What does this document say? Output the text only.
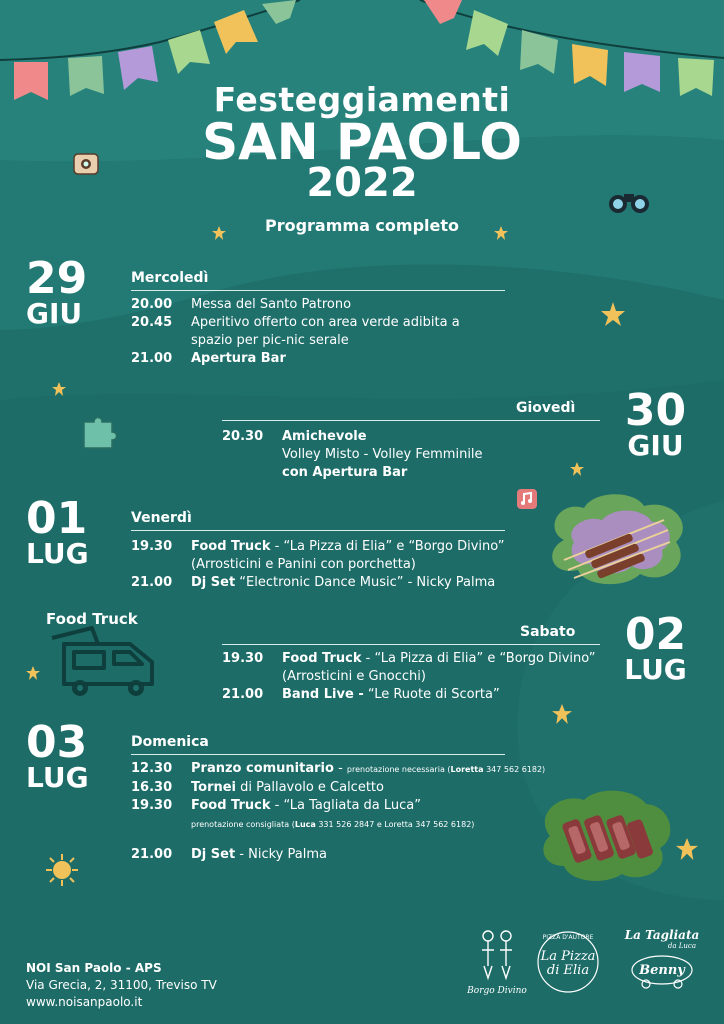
Festeggiamenti
SAN PAOLO
2022
Programma completo
Food Truck
29
GIU
Mercoledì
20.00 Messa del Santo Patrono
20.45 Aperitivo offerto con area verde adibita a
spazio per pic-nic serale
21.00 Apertura Bar
30
GIU
Giovedì
20.30 Amichevole
Volley Misto - Volley Femminile
con Apertura Bar
01
LUG
Venerdì
19.30 Food Truck - “La Pizza di Elia” e “Borgo Divino”
(Arrosticini e Panini con porchetta)
21.00 Dj Set “Electronic Dance Music” - Nicky Palma
02
LUG
Sabato
19.30 Food Truck - “La Pizza di Elia” e “Borgo Divino”
(Arrosticini e Gnocchi)
21.00 Band Live - “Le Ruote di Scorta”
03
LUG
Domenica
12.30 Pranzo comunitario - prenotazione necessaria (Loretta 347 562 6182)
16.30 Tornei di Pallavolo e Calcetto
19.30 Food Truck - “La Tagliata da Luca”
prenotazione consigliata (Luca 331 526 2847 e Loretta 347 562 6182)
21.00 Dj Set - Nicky Palma
NOI San Paolo - APS
Via Grecia, 2, 31100, Treviso TV
www.noisanpaolo.it
Borgo Divino
PIZZA D'AUTORE
La Pizza di Elia
La Tagliata
da Luca
Benny
